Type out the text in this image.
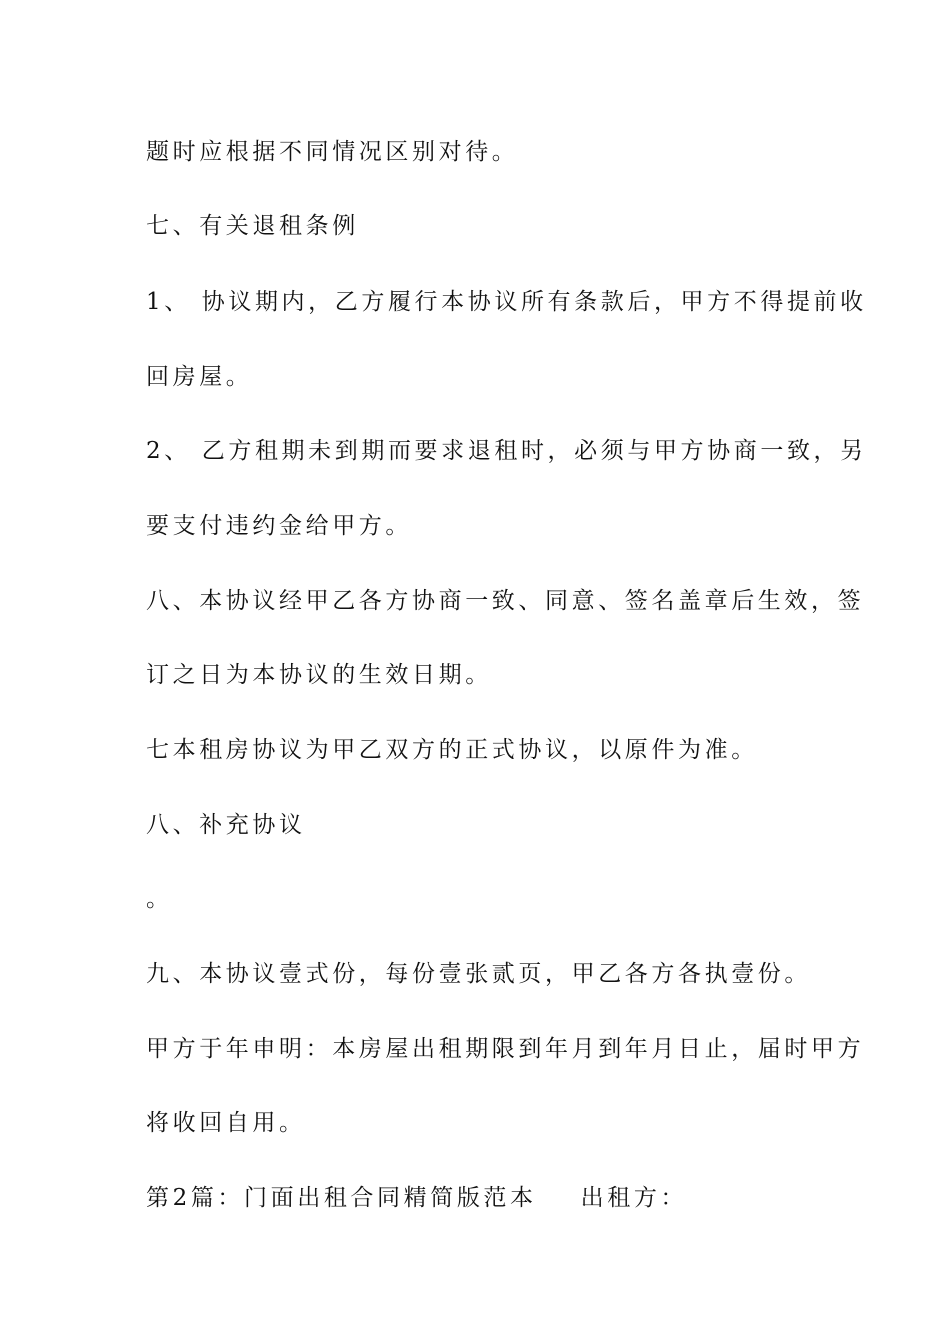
题时应根据不同情况区别对待。
七、有关退租条例
1、 协议期内，乙方履行本协议所有条款后，甲方不得提前收
回房屋。
2、 乙方租期未到期而要求退租时，必须与甲方协商一致，另
要支付违约金给甲方。
八、本协议经甲乙各方协商一致、同意、签名盖章后生效，签
订之日为本协议的生效日期。
七本租房协议为甲乙双方的正式协议，以原件为准。
八、补充协议
。
九、本协议壹式份，每份壹张贰页，甲乙各方各执壹份。
甲方于年申明：本房屋出租期限到年月到年月日止，届时甲方
将收回自用。
第2篇：门面出租合同精简版范本 出租方：
